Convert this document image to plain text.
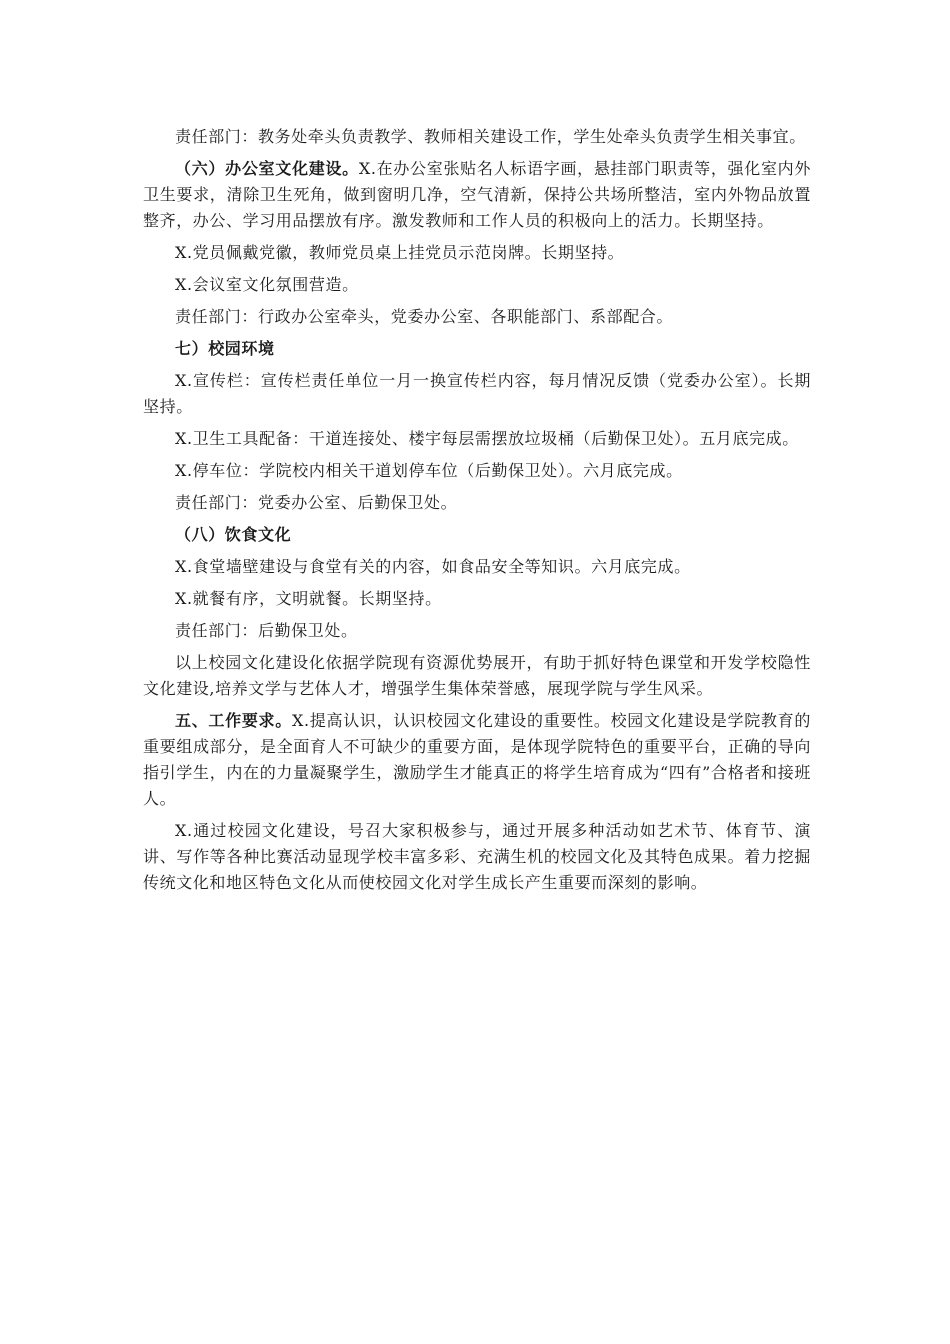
责任部门：教务处牵头负责教学、教师相关建设工作，学生处牵头负责学生相关事宜。

（六）办公室文化建设。X.在办公室张贴名人标语字画，悬挂部门职责等，强化室内外卫生要求，清除卫生死角，做到窗明几净，空气清新，保持公共场所整洁，室内外物品放置整齐，办公、学习用品摆放有序。激发教师和工作人员的积极向上的活力。长期坚持。

X.党员佩戴党徽，教师党员桌上挂党员示范岗牌。长期坚持。

X.会议室文化氛围营造。

责任部门：行政办公室牵头，党委办公室、各职能部门、系部配合。

七）校园环境

X.宣传栏：宣传栏责任单位一月一换宣传栏内容，每月情况反馈（党委办公室）。长期坚持。

X.卫生工具配备：干道连接处、楼宇每层需摆放垃圾桶（后勤保卫处）。五月底完成。

X.停车位：学院校内相关干道划停车位（后勤保卫处）。六月底完成。

责任部门：党委办公室、后勤保卫处。

（八）饮食文化

X.食堂墙壁建设与食堂有关的内容，如食品安全等知识。六月底完成。

X.就餐有序，文明就餐。长期坚持。

责任部门：后勤保卫处。

以上校园文化建设化依据学院现有资源优势展开，有助于抓好特色课堂和开发学校隐性文化建设,培养文学与艺体人才，增强学生集体荣誉感，展现学院与学生风采。

五、工作要求。X.提高认识，认识校园文化建设的重要性。校园文化建设是学院教育的重要组成部分，是全面育人不可缺少的重要方面，是体现学院特色的重要平台，正确的导向指引学生，内在的力量凝聚学生，激励学生才能真正的将学生培育成为“四有”合格者和接班人。

X.通过校园文化建设，号召大家积极参与，通过开展多种活动如艺术节、体育节、演讲、写作等各种比赛活动显现学校丰富多彩、充满生机的校园文化及其特色成果。着力挖掘传统文化和地区特色文化从而使校园文化对学生成长产生重要而深刻的影响。
